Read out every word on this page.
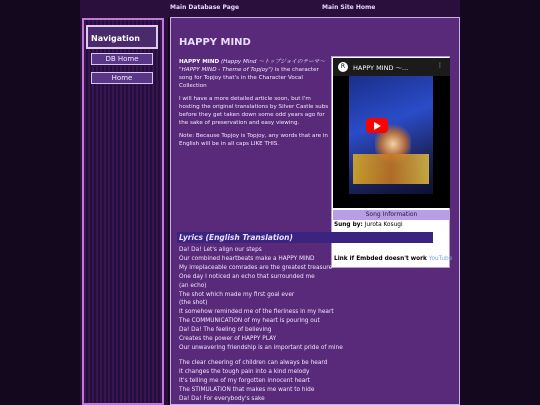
Main Database Page	Main Site Home
Navigation
DB Home
Home
HAPPY MIND

HAPPY MIND (Happy Mind 〜トップジョイのテーマ〜 "HAPPY MIND - Theme of Topjoy") is the character song for Topjoy that's in the Character Vocal Collection

I will have a more detailed article soon, but I'm hosting the original translations by Silver Castle subs before they get taken down some odd years ago for the sake of preservation and easy viewing.

Note: Because Topjoy is Topjoy, any words that are in English will be in all caps LIKE THIS.

R	HAPPY MIND 〜...	⋮
Song Information
Sung by: Jurota Kosugi
Link if Embded doesn't work YouTube
Lyrics (English Translation)
Da! Da! Let's align our steps
Our combined heartbeats make a HAPPY MIND
My irreplaceable comrades are the greatest treasure
One day I noticed an echo that surrounded me
(an echo)
The shot which made my first goal ever
(the shot)
It somehow reminded me of the fieriness in my heart
The COMMUNICATION of my heart is pouring out
Da! Da! The feeling of believing
Creates the power of HAPPY PLAY
Our unwavering friendship is an important pride of mine
The clear cheering of children can always be heard
It changes the tough pain into a kind melody
It's telling me of my forgotten innocent heart
The STIMULATION that makes me want to hide
Da! Da! For everybody's sake
